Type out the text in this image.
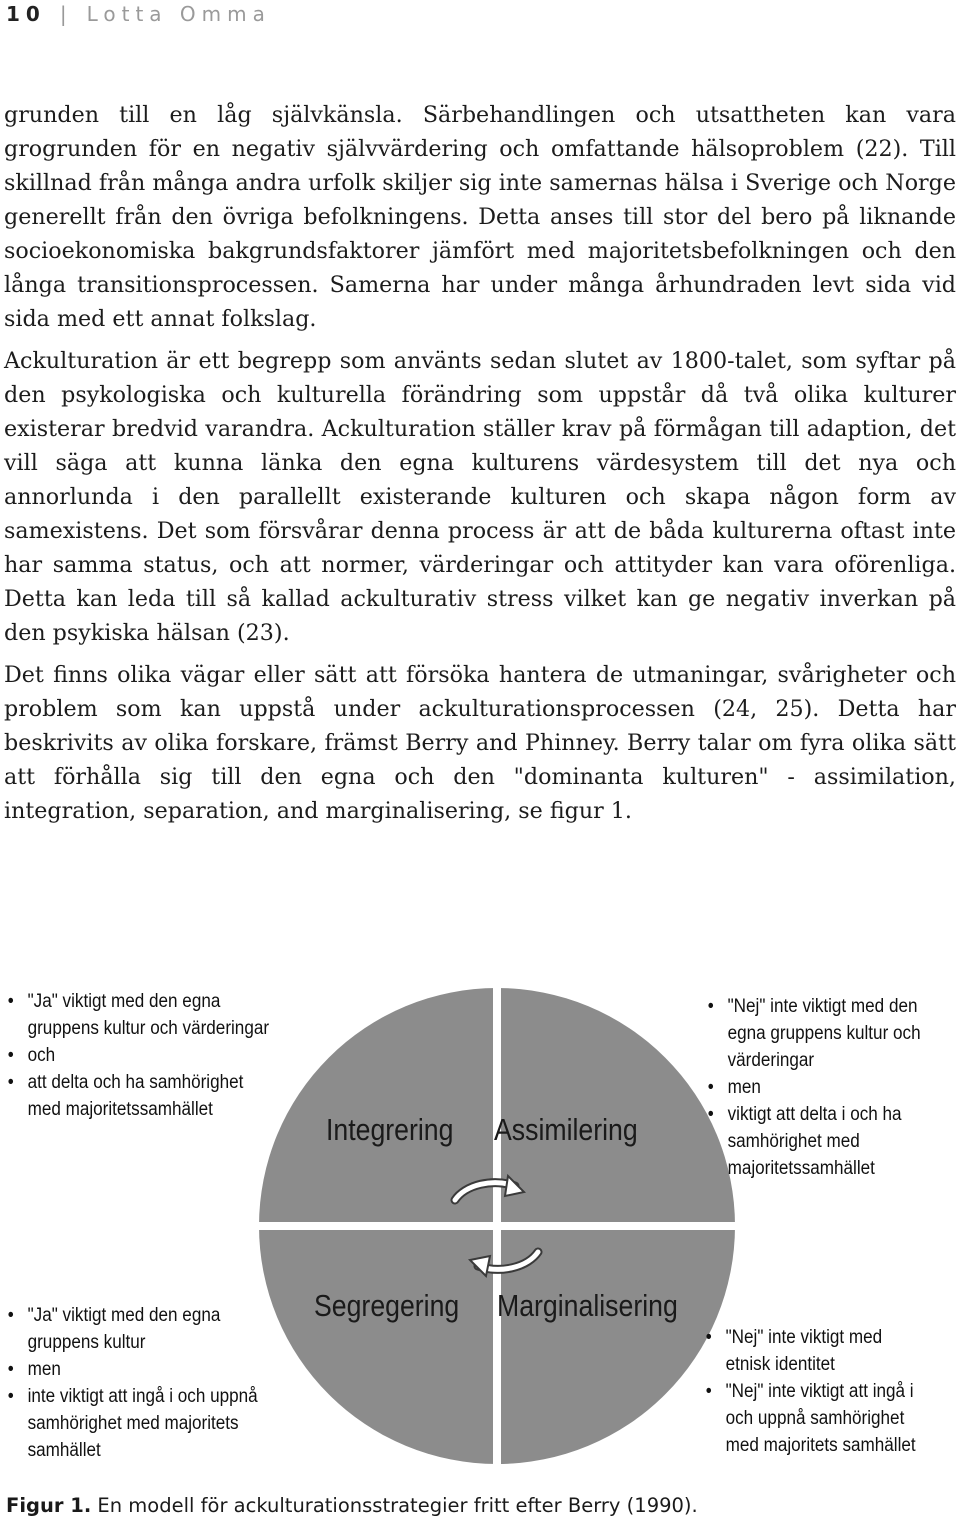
10 | Lotta Omma

grunden till en låg självkänsla. Särbehandlingen och utsattheten kan vara grogrunden för en negativ självvärdering och omfattande hälsoproblem (22). Till skillnad från många andra urfolk skiljer sig inte samernas hälsa i Sverige och Norge generellt från den övriga befolkningens. Detta anses till stor del bero på liknande socioekonomiska bakgrundsfaktorer jämfört med majoritetsbefolkningen och den långa transitionsprocessen. Samerna har under många århundraden levt sida vid sida med ett annat folkslag.

Ackulturation är ett begrepp som använts sedan slutet av 1800-talet, som syftar på den psykologiska och kulturella förändring som uppstår då två olika kulturer existerar bredvid varandra. Ackulturation ställer krav på förmågan till adaption, det vill säga att kunna länka den egna kulturens värdesystem till det nya och annorlunda i den parallellt existerande kulturen och skapa någon form av samexistens. Det som försvårar denna process är att de båda kulturerna oftast inte har samma status, och att normer, värderingar och attityder kan vara oförenliga. Detta kan leda till så kallad ackulturativ stress vilket kan ge negativ inverkan på den psykiska hälsan (23).

Det finns olika vägar eller sätt att försöka hantera de utmaningar, svårigheter och problem som kan uppstå under ackulturationsprocessen (24, 25). Detta har beskrivits av olika forskare, främst Berry and Phinney. Berry talar om fyra olika sätt att förhålla sig till den egna och den "dominanta kulturen" - assimilation, integration, separation, and marginalisering, se figur 1.

Integrering Assimilering
Segregering Marginalisering
• "Ja" viktigt med den egna
gruppens kultur och värderingar
• och
• att delta och ha samhörighet
med majoritetssamhället
• "Nej" inte viktigt med den
egna gruppens kultur och
värderingar
• men
• viktigt att delta i och ha
samhörighet med
majoritetssamhället
• "Ja" viktigt med den egna
gruppens kultur
• men
• inte viktigt att ingå i och uppnå
samhörighet med majoritets
samhället
• "Nej" inte viktigt med
etnisk identitet
• "Nej" inte viktigt att ingå i
och uppnå samhörighet
med majoritets samhället
Figur 1. En modell för ackulturationsstrategier fritt efter Berry (1990).
